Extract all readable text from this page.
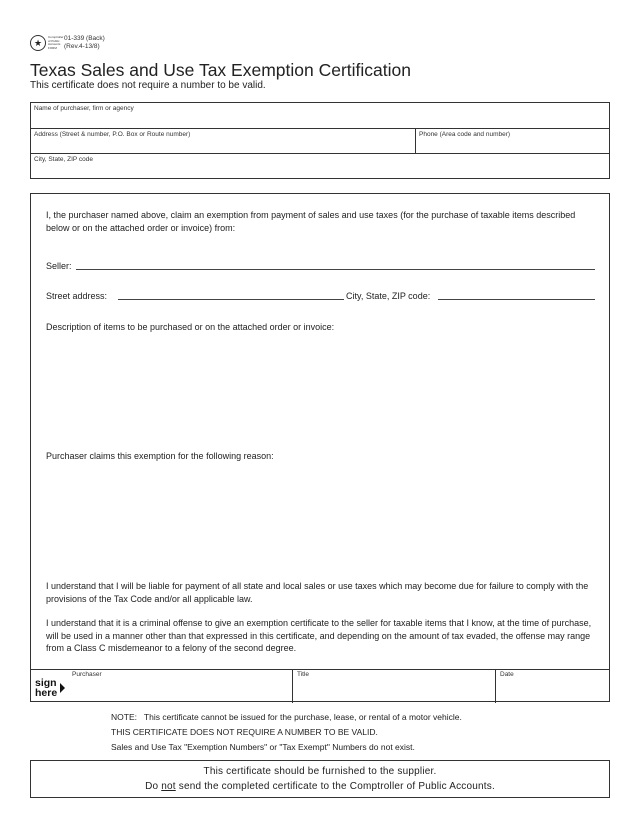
★
Comptroller
of Public
Accounts
FORM
01-339 (Back)
(Rev.4-13/8)
Texas Sales and Use Tax Exemption Certification
This certificate does not require a number to be valid.
Name of purchaser, firm or agency
Address (Street & number, P.O. Box or Route number)	Phone (Area code and number)
City, State, ZIP code
I, the purchaser named above, claim an exemption from payment of sales and use taxes (for the purchase of taxable items described below or on the attached order or invoice) from:
Seller:
Street address:	City, State, ZIP code:
Description of items to be purchased or on the attached order or invoice:
Purchaser claims this exemption for the following reason:
I understand that I will be liable for payment of all state and local sales or use taxes which may become due for failure to comply with the provisions of the Tax Code and/or all applicable law.
I understand that it is a criminal offense to give an exemption certificate to the seller for taxable items that I know, at the time of purchase, will be used in a manner other than that expressed in this certificate, and depending on the amount of tax evaded, the offense may range from a Class C misdemeanor to a felony of the second degree.
sign
here
Purchaser	Title	Date
NOTE:   This certificate cannot be issued for the purchase, lease, or rental of a motor vehicle.
THIS CERTIFICATE DOES NOT REQUIRE A NUMBER TO BE VALID.
Sales and Use Tax "Exemption Numbers" or "Tax Exempt" Numbers do not exist.

This certificate should be furnished to the supplier.

Do not send the completed certificate to the Comptroller of Public Accounts.
